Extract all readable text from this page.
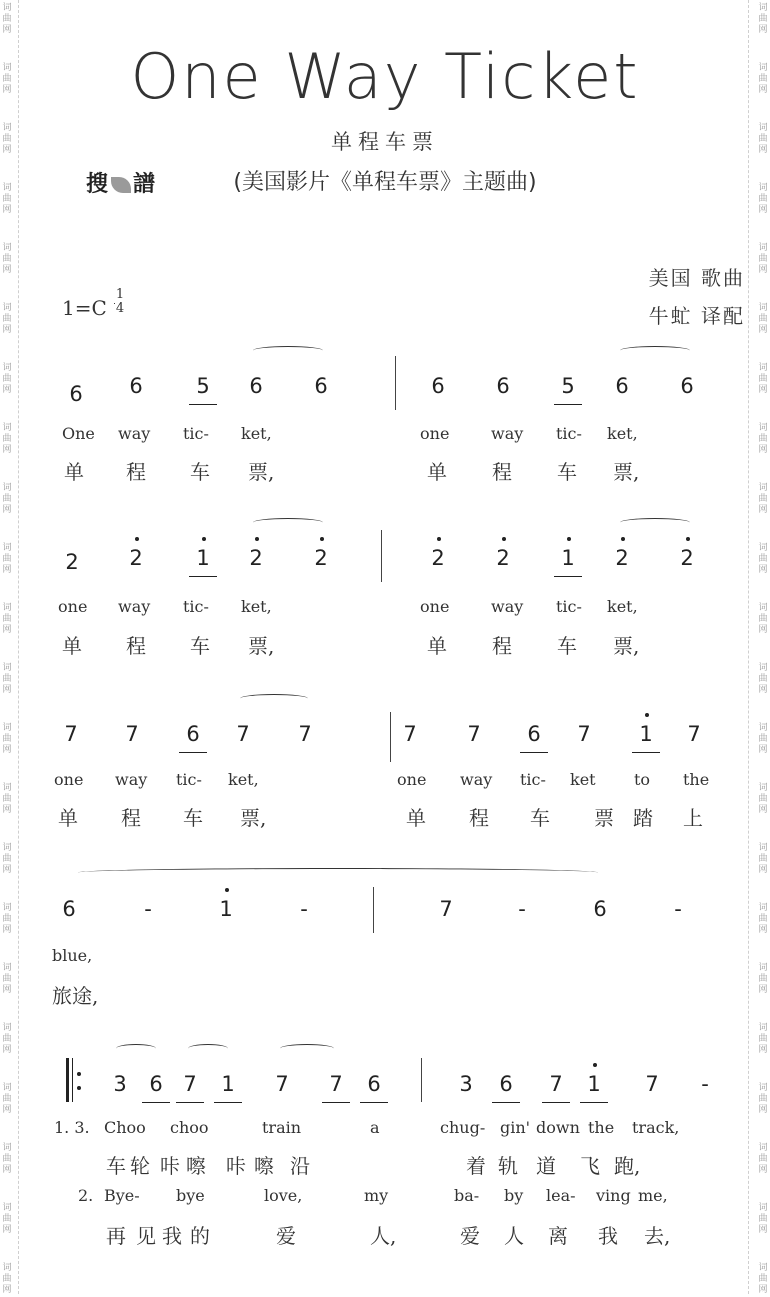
词
曲
网
词
曲
网
词
曲
网
词
曲
网
词
曲
网
词
曲
网
词
曲
网
词
曲
网
词
曲
网
词
曲
网
词
曲
网
词
曲
网
词
曲
网
词
曲
网
词
曲
网
词
曲
网
词
曲
网
词
曲
网
词
曲
网
词
曲
网
词
曲
网
词
曲
网
词
曲
网
词
曲
网
词
曲
网
词
曲
网
词
曲
网
词
曲
网
词
曲
网
词
曲
网
词
曲
网
词
曲
网
词
曲
网
词
曲
网
词
曲
网
词
曲
网
词
曲
网
词
曲
网
词
曲
网
词
曲
网
词
曲
网
词
曲
网
词
曲
网
词
曲
网
One Way Ticket
单程车票
搜 譜	(美国影片《单程车票》主题曲)
美国 歌曲
牛虻 译配
1=C
1
4
6 6	5 6 6	6 6 5 6 6
One way tic- ket,	one	way tic- ket,
单 程 车 票,	单 程 车 票,
2 2	1 2 2	2 2 1 2 2
one way tic- ket,	one	way tic- ket,
单 程 车 票,	单 程 车 票,
7 7 6 7 7	7 7 6 7 1 7
one way tic- ket,	one way tic- ket to the
单 程 车 票,	单 程 车 票 踏 上
6	-	1	-	7	-	6	-
blue,
旅途,
3 6 7 1 7 7 6	3 6 7 1 7 -
1. 3. Choo choo	train	a	chug- gin' down the track,
车 轮 咔 嚓 咔 嚓 沿	着 轨 道 飞 跑,
2. Bye- bye	love,	my	ba- by lea- ving me,
再 见 我 的	爱	人,	爱 人 离 我 去,
